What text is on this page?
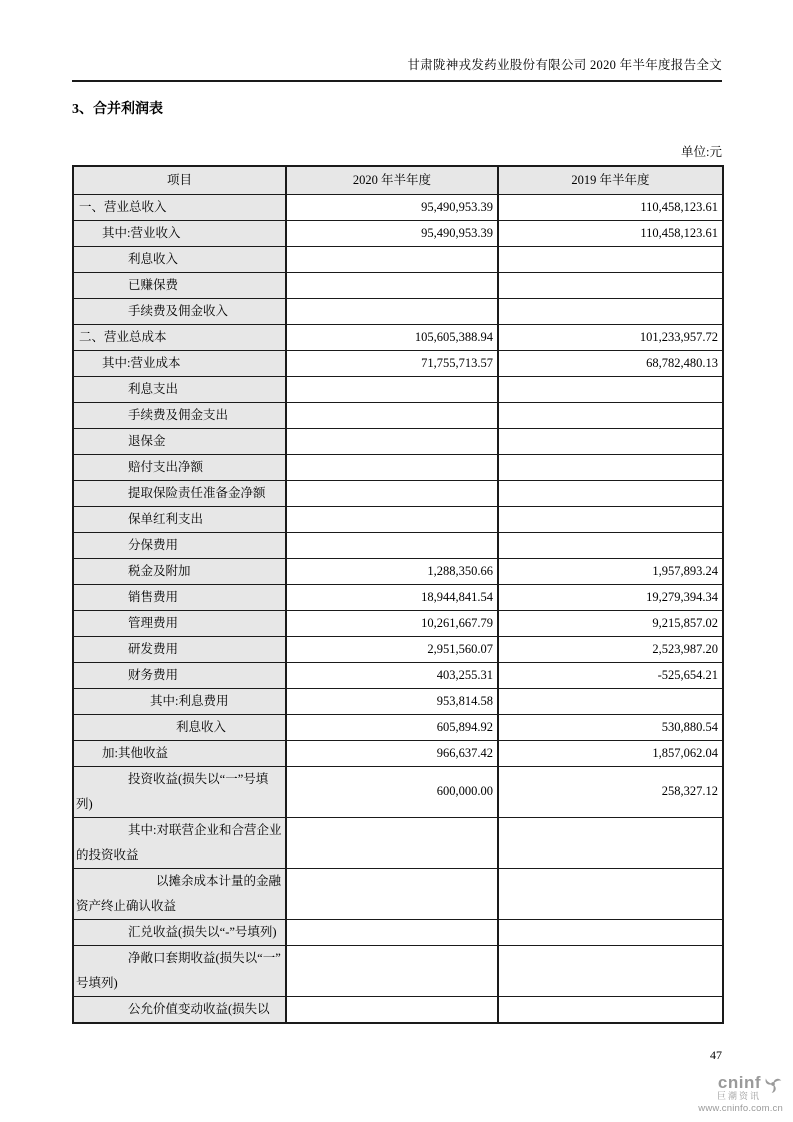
甘肃陇神戎发药业股份有限公司 2020 年半年度报告全文
3、合并利润表
单位:元
项目	2020 年半年度	2019 年半年度
一、营业总收入	95,490,953.39	110,458,123.61
其中:营业收入	95,490,953.39	110,458,123.61
利息收入		
已赚保费		
手续费及佣金收入		
二、营业总成本	105,605,388.94	101,233,957.72
其中:营业成本	71,755,713.57	68,782,480.13
利息支出		
手续费及佣金支出		
退保金		
赔付支出净额		
提取保险责任准备金净额		
保单红利支出		
分保费用		
税金及附加	1,288,350.66	1,957,893.24
销售费用	18,944,841.54	19,279,394.34
管理费用	10,261,667.79	9,215,857.02
研发费用	2,951,560.07	2,523,987.20
财务费用	403,255.31	-525,654.21
其中:利息费用	953,814.58	
利息收入	605,894.92	530,880.54
加:其他收益	966,637.42	1,857,062.04
投资收益(损失以“一”号填列)	600,000.00	258,327.12
其中:对联营企业和合营企业的投资收益		
以摊余成本计量的金融资产终止确认收益		
汇兑收益(损失以“-”号填列)		
净敞口套期收益(损失以“一”号填列)		
公允价值变动收益(损失以		
47
cninf
巨潮资讯
www.cninfo.com.cn
